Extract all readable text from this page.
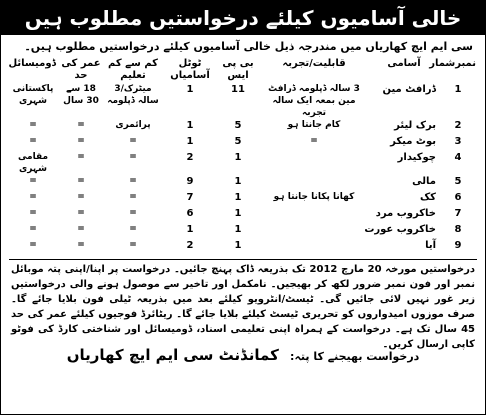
خالی آسامیوں کیلئے درخواستیں مطلوب ہیں
سی ایم ایچ کھاریاں میں مندرجہ ذیل خالی آسامیوں کیلئے درخواستیں مطلوب ہیں۔
نمبرشمار	آسامی	قابلیت/تجربہ	بی پی ایس	ٹوٹل آسامیاں	کم سے کم تعلیم	عمر کی حد	ڈومیسائل
1	ڈرافٹ مین	3 سالہ ڈپلومہ ڈرافٹ مین بمعہ ایک سالہ تجربہ	11	1	میٹرک/3 سالہ ڈپلومہ	18 سے 30 سال	پاکستانی شہری
2	برک لیئر	کام جانتا ہو	5	1	پرائمری	=	=
3	بوٹ میکر	=	5	1	=	=	=
4	چوکیدار		1	2	=	=	مقامی شہری
5	مالی		1	9	=	=	=
6	کک	کھانا پکانا جانتا ہو	1	7	=	=	=
7	خاکروب مرد		1	6	=	=	=
8	خاکروب عورت		1	1	=	=	=
9	آیا		1	2	=	=	=
درخواستیں مورخہ 20 مارچ 2012 تک بذریعہ ڈاک پہنچ جائیں۔ درخواست پر اپنا/اپنی پتہ موبائل نمبر اور فون نمبر ضرور لکھ کر بھیجیں۔ نامکمل اور تاخیر سے موصول ہونے والی درخواستیں زیر غور نہیں لائی جائیں گی۔ ٹیسٹ/انٹرویو کیلئے بعد میں بذریعہ ٹیلی فون بلایا جائے گا۔ صرف موزوں امیدواروں کو تحریری ٹیسٹ کیلئے بلایا جائے گا۔ ریٹائرڈ فوجیوں کیلئے عمر کی حد 45 سال تک ہے۔ درخواست کے ہمراہ اپنی تعلیمی اسناد، ڈومیسائل اور شناختی کارڈ کی فوٹو کاپی ارسال کریں۔
درخواست بھیجنے کا پتہ: کمانڈنٹ سی ایم ایچ کھاریاں
